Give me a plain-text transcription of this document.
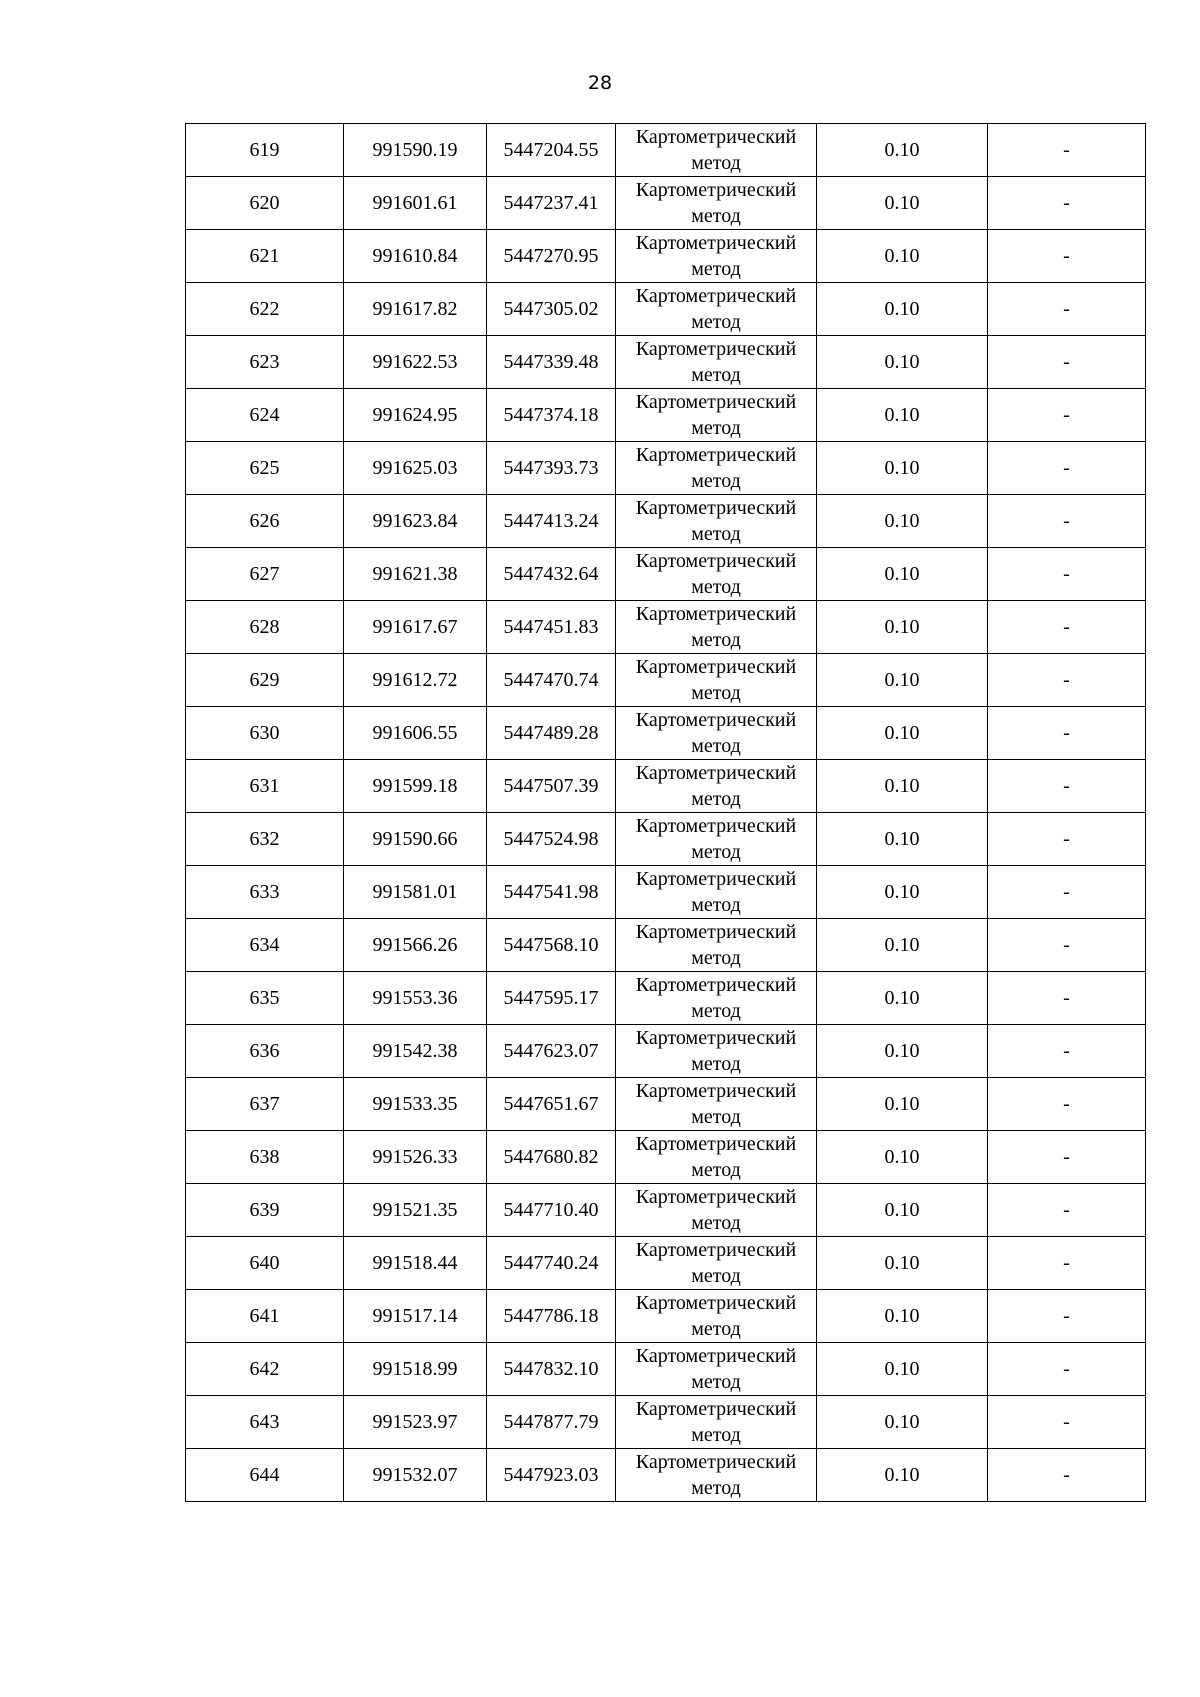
28
619	991590.19	5447204.55	Картометрический метод	0.10	-
620	991601.61	5447237.41	Картометрический метод	0.10	-
621	991610.84	5447270.95	Картометрический метод	0.10	-
622	991617.82	5447305.02	Картометрический метод	0.10	-
623	991622.53	5447339.48	Картометрический метод	0.10	-
624	991624.95	5447374.18	Картометрический метод	0.10	-
625	991625.03	5447393.73	Картометрический метод	0.10	-
626	991623.84	5447413.24	Картометрический метод	0.10	-
627	991621.38	5447432.64	Картометрический метод	0.10	-
628	991617.67	5447451.83	Картометрический метод	0.10	-
629	991612.72	5447470.74	Картометрический метод	0.10	-
630	991606.55	5447489.28	Картометрический метод	0.10	-
631	991599.18	5447507.39	Картометрический метод	0.10	-
632	991590.66	5447524.98	Картометрический метод	0.10	-
633	991581.01	5447541.98	Картометрический метод	0.10	-
634	991566.26	5447568.10	Картометрический метод	0.10	-
635	991553.36	5447595.17	Картометрический метод	0.10	-
636	991542.38	5447623.07	Картометрический метод	0.10	-
637	991533.35	5447651.67	Картометрический метод	0.10	-
638	991526.33	5447680.82	Картометрический метод	0.10	-
639	991521.35	5447710.40	Картометрический метод	0.10	-
640	991518.44	5447740.24	Картометрический метод	0.10	-
641	991517.14	5447786.18	Картометрический метод	0.10	-
642	991518.99	5447832.10	Картометрический метод	0.10	-
643	991523.97	5447877.79	Картометрический метод	0.10	-
644	991532.07	5447923.03	Картометрический метод	0.10	-
